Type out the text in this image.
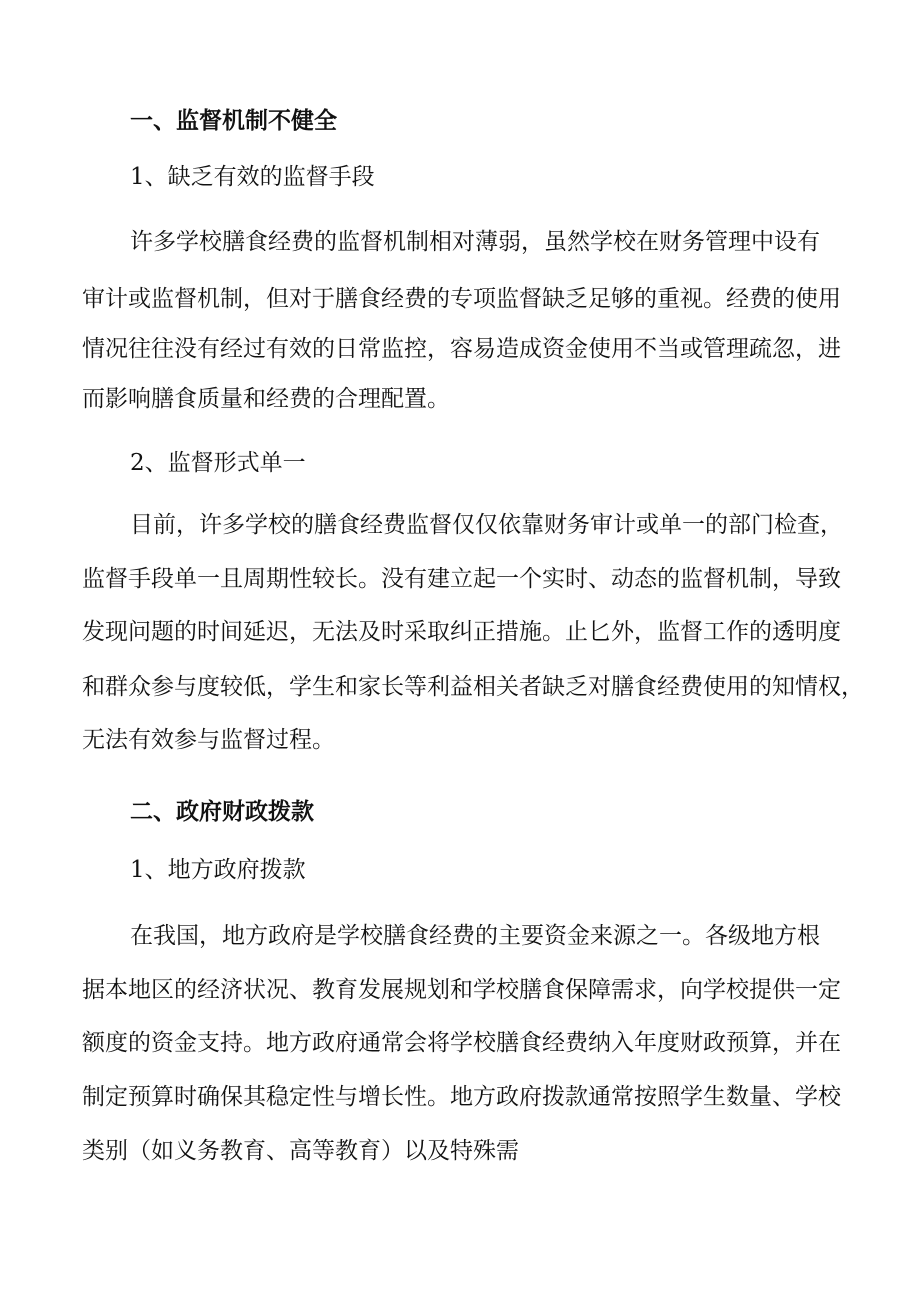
一、监督机制不健全
1、缺乏有效的监督手段
许多学校膳食经费的监督机制相对薄弱，虽然学校在财务管理中设有
审计或监督机制，但对于膳食经费的专项监督缺乏足够的重视。经费的使用
情况往往没有经过有效的日常监控，容易造成资金使用不当或管理疏忽，进
而影响膳食质量和经费的合理配置。
2、监督形式单一
目前，许多学校的膳食经费监督仅仅依靠财务审计或单一的部门检查，
监督手段单一且周期性较长。没有建立起一个实时、动态的监督机制，导致
发现问题的时间延迟，无法及时采取纠正措施。止匕外，监督工作的透明度
和群众参与度较低，学生和家长等利益相关者缺乏对膳食经费使用的知情权，
无法有效参与监督过程。
二、政府财政拨款
1、地方政府拨款
在我国，地方政府是学校膳食经费的主要资金来源之一。各级地方根
据本地区的经济状况、教育发展规划和学校膳食保障需求，向学校提供一定
额度的资金支持。地方政府通常会将学校膳食经费纳入年度财政预算，并在
制定预算时确保其稳定性与增长性。地方政府拨款通常按照学生数量、学校
类别（如义务教育、高等教育）以及特殊需
